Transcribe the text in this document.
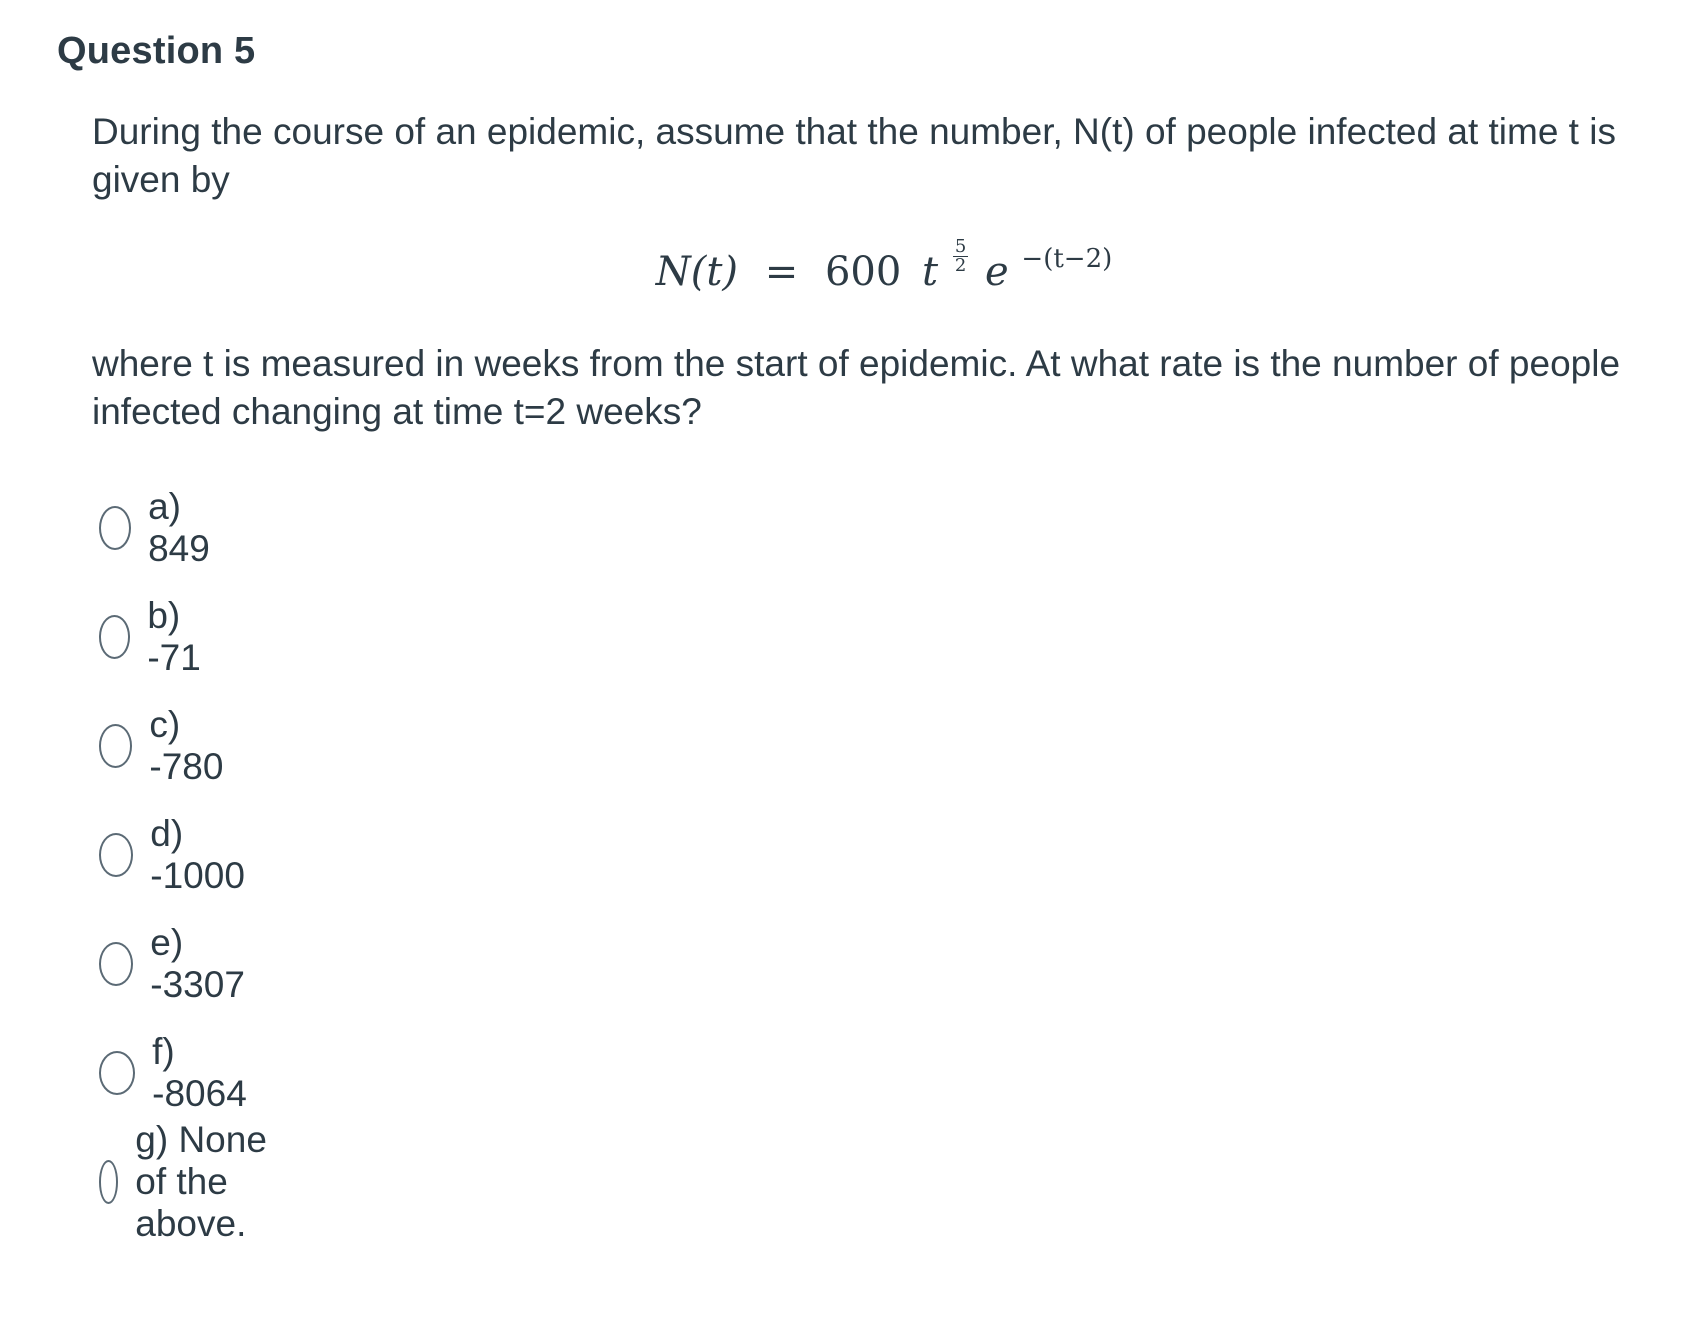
Question 5

During the course of an epidemic, assume that the number, N(t) of people infected at time t is given by

where t is measured in weeks from the start of epidemic. At what rate is the number of people infected changing at time t=2 weeks?

N(t) = 600 t $\frac{5}{2}$ e −(t−2)
a) 849
b) -71
c) -780
d) -1000
e) -3307
f) -8064
g) None of the above.
